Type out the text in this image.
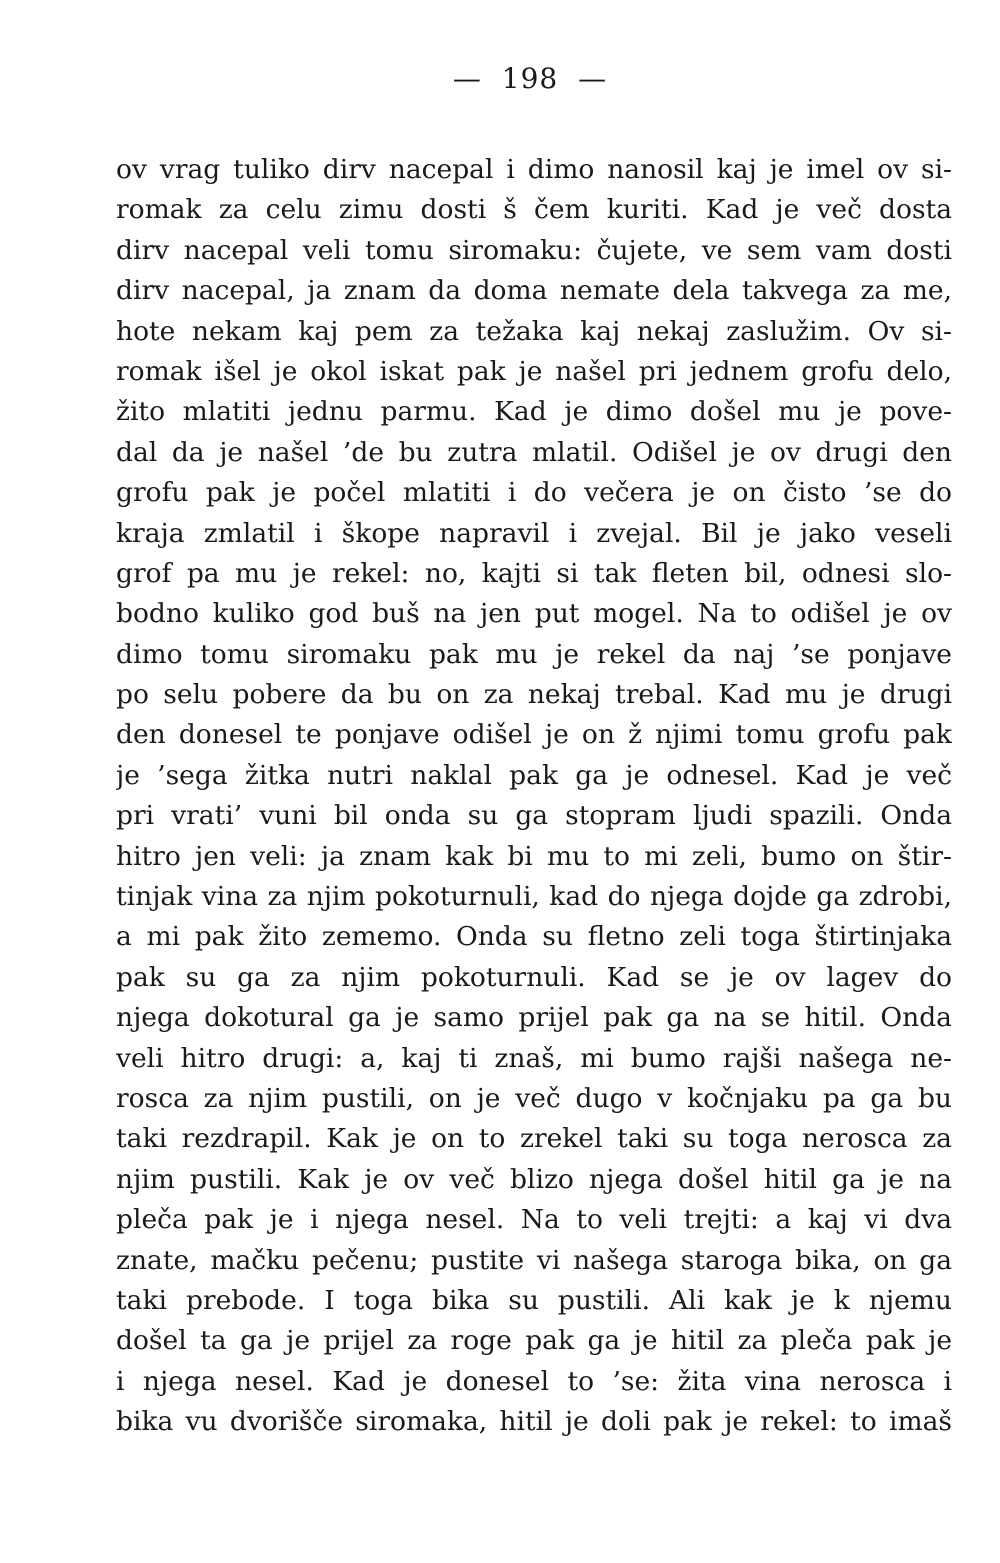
— 198 —
ov vrag tuliko dirv nacepal i dimo nanosil kaj je imel ov si-
romak za celu zimu dosti š čem kuriti. Kad je več dosta
dirv nacepal veli tomu siromaku: čujete, ve sem vam dosti
dirv nacepal, ja znam da doma nemate dela takvega za me,
hote nekam kaj pem za težaka kaj nekaj zaslužim. Ov si-
romak išel je okol iskat pak je našel pri jednem grofu delo,
žito mlatiti jednu parmu. Kad je dimo došel mu je pove-
dal da je našel ’de bu zutra mlatil. Odišel je ov drugi den
grofu pak je počel mlatiti i do večera je on čisto ’se do
kraja zmlatil i škope napravil i zvejal. Bil je jako veseli
grof pa mu je rekel: no, kajti si tak fleten bil, odnesi slo-
bodno kuliko god buš na jen put mogel. Na to odišel je ov
dimo tomu siromaku pak mu je rekel da naj ’se ponjave
po selu pobere da bu on za nekaj trebal. Kad mu je drugi
den donesel te ponjave odišel je on ž njimi tomu grofu pak
je ’sega žitka nutri naklal pak ga je odnesel. Kad je več
pri vrati’ vuni bil onda su ga stopram ljudi spazili. Onda
hitro jen veli: ja znam kak bi mu to mi zeli, bumo on štir-
tinjak vina za njim pokoturnuli, kad do njega dojde ga zdrobi,
a mi pak žito zememo. Onda su fletno zeli toga štirtinjaka
pak su ga za njim pokoturnuli. Kad se je ov lagev do
njega dokotural ga je samo prijel pak ga na se hitil. Onda
veli hitro drugi: a, kaj ti znaš, mi bumo rajši našega ne-
rosca za njim pustili, on je več dugo v kočnjaku pa ga bu
taki rezdrapil. Kak je on to zrekel taki su toga nerosca za
njim pustili. Kak je ov več blizo njega došel hitil ga je na
pleča pak je i njega nesel. Na to veli trejti: a kaj vi dva
znate, mačku pečenu; pustite vi našega staroga bika, on ga
taki prebode. I toga bika su pustili. Ali kak je k njemu
došel ta ga je prijel za roge pak ga je hitil za pleča pak je
i njega nesel. Kad je donesel to ’se: žita vina nerosca i
bika vu dvorišče siromaka, hitil je doli pak je rekel: to imaš
